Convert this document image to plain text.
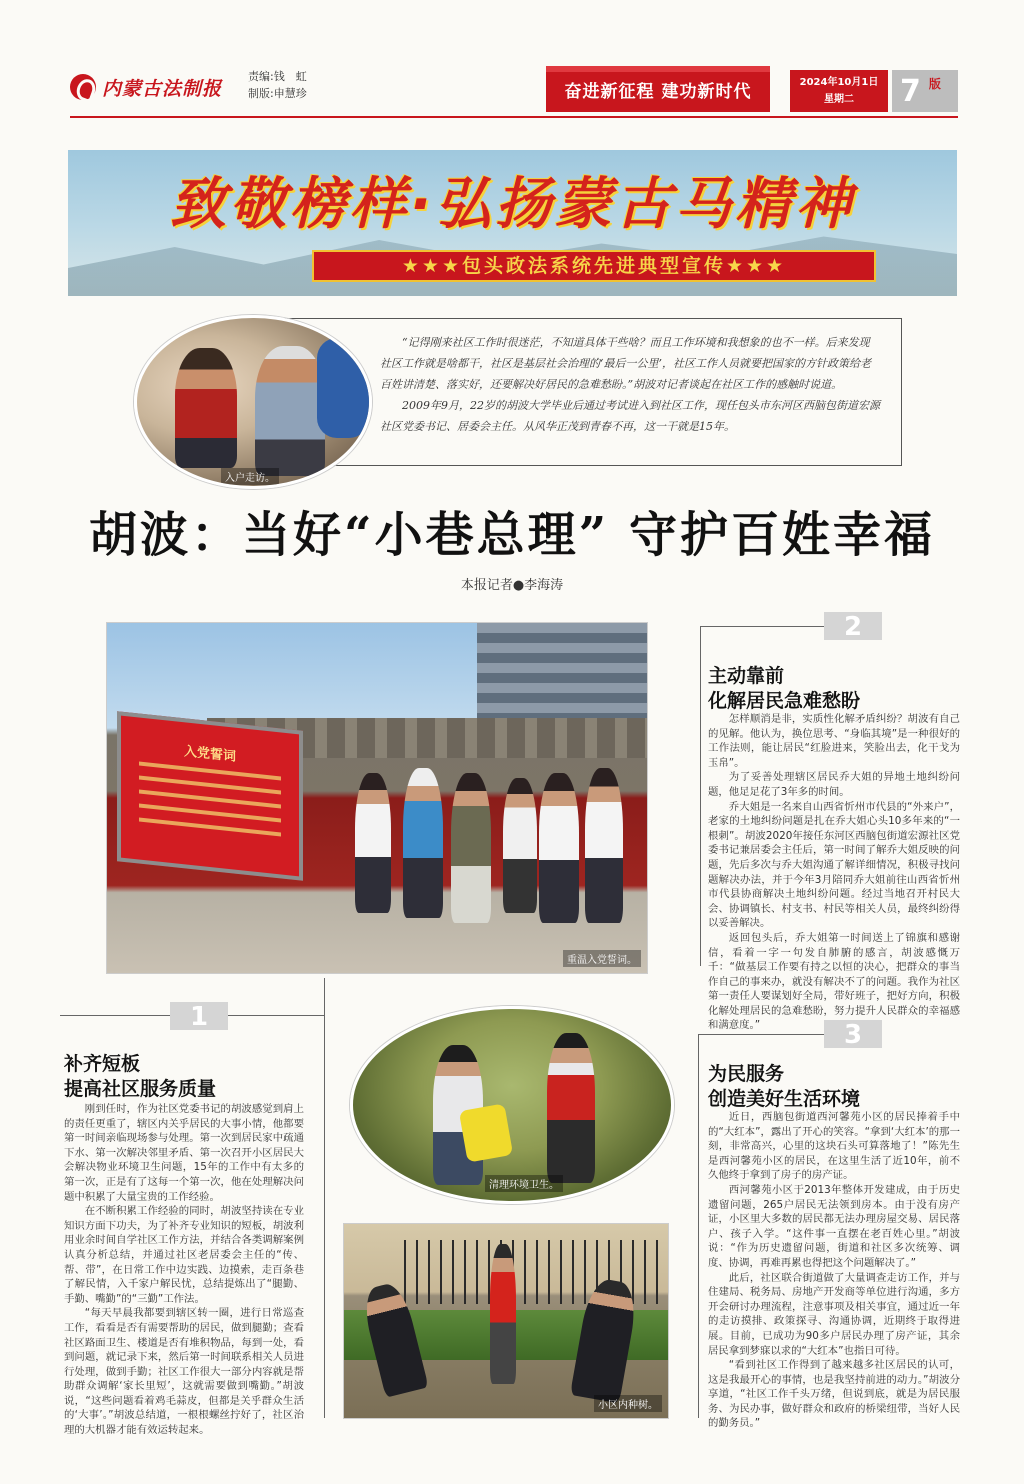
内蒙古法制报
责编:钱　虹
制版:申慧珍	奋进新征程 建功新时代	2024年10月1日
星期二	7 版
致敬榜样·弘扬蒙古马精神
★★★包头政法系统先进典型宣传★★★

“记得刚来社区工作时很迷茫，不知道具体干些啥？而且工作环境和我想象的也不一样。后来发现社区工作就是啥都干，社区是基层社会治理的‘最后一公里’，社区工作人员就要把国家的方针政策给老百姓讲清楚、落实好，还要解决好居民的急难愁盼。”胡波对记者谈起在社区工作的感触时说道。

2009年9月，22岁的胡波大学毕业后通过考试进入到社区工作，现任包头市东河区西脑包街道宏源社区党委书记、居委会主任。从风华正茂到青春不再，这一干就是15年。

入户走访。
胡波：当好“小巷总理” 守护百姓幸福
本报记者●李海涛
入党誓词
重温入党誓词。
1
补齐短板
提高社区服务质量

刚到任时，作为社区党委书记的胡波感觉到肩上的责任更重了，辖区内关乎居民的大事小情，他都要第一时间亲临现场参与处理。第一次到居民家中疏通下水、第一次解决邻里矛盾、第一次召开小区居民大会解决物业环境卫生问题，15年的工作中有太多的第一次，正是有了这每一个第一次，他在处理解决问题中积累了大量宝贵的工作经验。

在不断积累工作经验的同时，胡波坚持读在专业知识方面下功夫，为了补齐专业知识的短板，胡波利用业余时间自学社区工作方法，并结合各类调解案例认真分析总结，并通过社区老居委会主任的“传、帮、带”，在日常工作中边实践、边摸索，走百条巷了解民情，入千家户解民忧，总结提炼出了“腿勤、手勤、嘴勤”的“三勤”工作法。

“每天早晨我都要到辖区转一圈，进行日常巡查工作，看看是否有需要帮助的居民，做到腿勤；查看社区路面卫生、楼道是否有堆积物品，每到一处，看到问题，就记录下来，然后第一时间联系相关人员进行处理，做到手勤；社区工作很大一部分内容就是帮助群众调解‘家长里短’，这就需要做到嘴勤。”胡波说，“这些问题看着鸡毛蒜皮，但都是关乎群众生活的‘大事’。”胡波总结道，一根根螺丝拧好了，社区治理的大机器才能有效运转起来。

清理环境卫生。
小区内种树。
2
主动靠前
化解居民急难愁盼

怎样顺消是非，实质性化解矛盾纠纷？胡波有自己的见解。他认为，换位思考、“身临其境”是一种很好的工作法则，能让居民“红脸进来，笑脸出去，化干戈为玉帛”。

为了妥善处理辖区居民乔大姐的异地土地纠纷问题，他足足花了3年多的时间。

乔大姐是一名来自山西省忻州市代县的“外来户”，老家的土地纠纷问题是扎在乔大姐心头10多年来的“一根刺”。胡波2020年接任东河区西脑包街道宏源社区党委书记兼居委会主任后，第一时间了解乔大姐反映的问题，先后多次与乔大姐沟通了解详细情况，积极寻找问题解决办法，并于今年3月陪同乔大姐前往山西省忻州市代县协商解决土地纠纷问题。经过当地召开村民大会、协调镇长、村支书、村民等相关人员，最终纠纷得以妥善解决。

返回包头后，乔大姐第一时间送上了锦旗和感谢信，看着一字一句发自肺腑的感言，胡波感慨万千：“做基层工作要有持之以恒的决心，把群众的事当作自己的事来办，就没有解决不了的问题。我作为社区第一责任人要谋划好全局，带好班子，把好方向，积极化解处理居民的急难愁盼，努力提升人民群众的幸福感和满意度。”	3
为民服务
创造美好生活环境

近日，西脑包街道西河馨苑小区的居民捧着手中的“大红本”，露出了开心的笑容。“拿到‘大红本’的那一刻，非常高兴，心里的这块石头可算落地了！”陈先生是西河馨苑小区的居民，在这里生活了近10年，前不久他终于拿到了房子的房产证。

西河馨苑小区于2013年整体开发建成，由于历史遗留问题，265户居民无法领到房本。由于没有房产证，小区里大多数的居民都无法办理房屋交易、居民落户、孩子入学。“这件事一直摆在老百姓心里。”胡波说：“作为历史遗留问题，街道和社区多次统筹、调度、协调，再难再累也得把这个问题解决了。”

此后，社区联合街道做了大量调查走访工作，并与住建局、税务局、房地产开发商等单位进行沟通，多方开会研讨办理流程，注意事项及相关事宜，通过近一年的走访摸排、政策探寻、沟通协调，近期终于取得进展。目前，已成功为90多户居民办理了房产证，其余居民拿到梦寐以求的“大红本”也指日可待。

“看到社区工作得到了越来越多社区居民的认可，这是我最开心的事情，也是我坚持前进的动力。”胡波分享道，“社区工作千头万绪，但说到底，就是为居民服务、为民办事，做好群众和政府的桥梁纽带，当好人民的勤务员。”
